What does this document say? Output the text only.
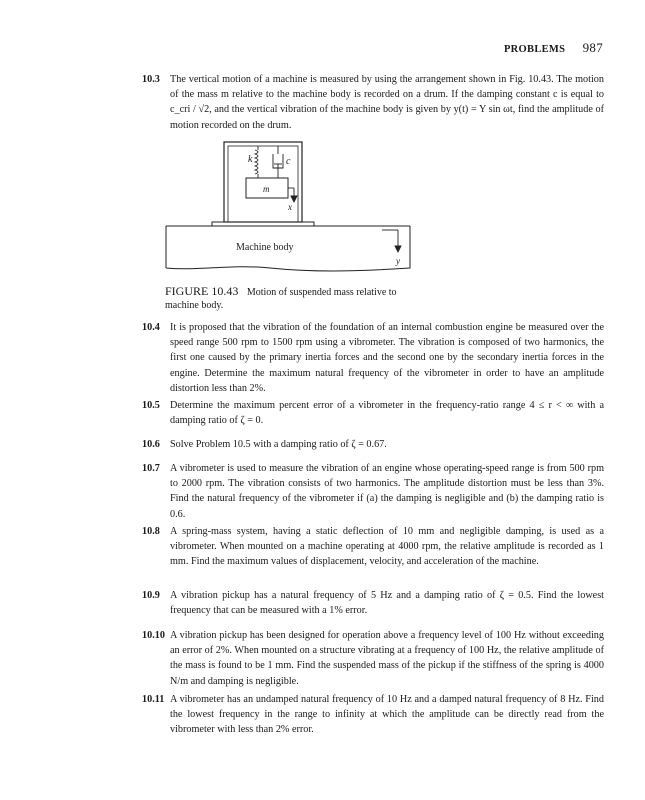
PROBLEMS 987
10.3 The vertical motion of a machine is measured by using the arrangement shown in Fig. 10.43. The motion of the mass m relative to the machine body is recorded on a drum. If the damping constant c is equal to c_cri / √2, and the vertical vibration of the machine body is given by y(t) = Y sin ωt, find the amplitude of motion recorded on the drum.

k	c
m
x
Machine body
y
FIGURE 10.43 Motion of suspended mass relative to machine body.
10.4 It is proposed that the vibration of the foundation of an internal combustion engine be measured over the speed range 500 rpm to 1500 rpm using a vibrometer. The vibration is composed of two harmonics, the first one caused by the primary inertia forces and the second one by the secondary inertia forces in the engine. Determine the maximum natural frequency of the vibrometer in order to have an amplitude distortion less than 2%.

10.5 Determine the maximum percent error of a vibrometer in the frequency-ratio range 4 ≤ r < ∞ with a damping ratio of ζ = 0.

10.6 Solve Problem 10.5 with a damping ratio of ζ = 0.67.

10.7 A vibrometer is used to measure the vibration of an engine whose operating-speed range is from 500 rpm to 2000 rpm. The vibration consists of two harmonics. The amplitude distortion must be less than 3%. Find the natural frequency of the vibrometer if (a) the damping is negligible and (b) the damping ratio is 0.6.

10.8 A spring-mass system, having a static deflection of 10 mm and negligible damping, is used as a vibrometer. When mounted on a machine operating at 4000 rpm, the relative amplitude is recorded as 1 mm. Find the maximum values of displacement, velocity, and acceleration of the machine.

10.9 A vibration pickup has a natural frequency of 5 Hz and a damping ratio of ζ = 0.5. Find the lowest frequency that can be measured with a 1% error.

10.10 A vibration pickup has been designed for operation above a frequency level of 100 Hz without exceeding an error of 2%. When mounted on a structure vibrating at a frequency of 100 Hz, the relative amplitude of the mass is found to be 1 mm. Find the suspended mass of the pickup if the stiffness of the spring is 4000 N/m and damping is negligible.

10.11 A vibrometer has an undamped natural frequency of 10 Hz and a damped natural frequency of 8 Hz. Find the lowest frequency in the range to infinity at which the amplitude can be directly read from the vibrometer with less than 2% error.
